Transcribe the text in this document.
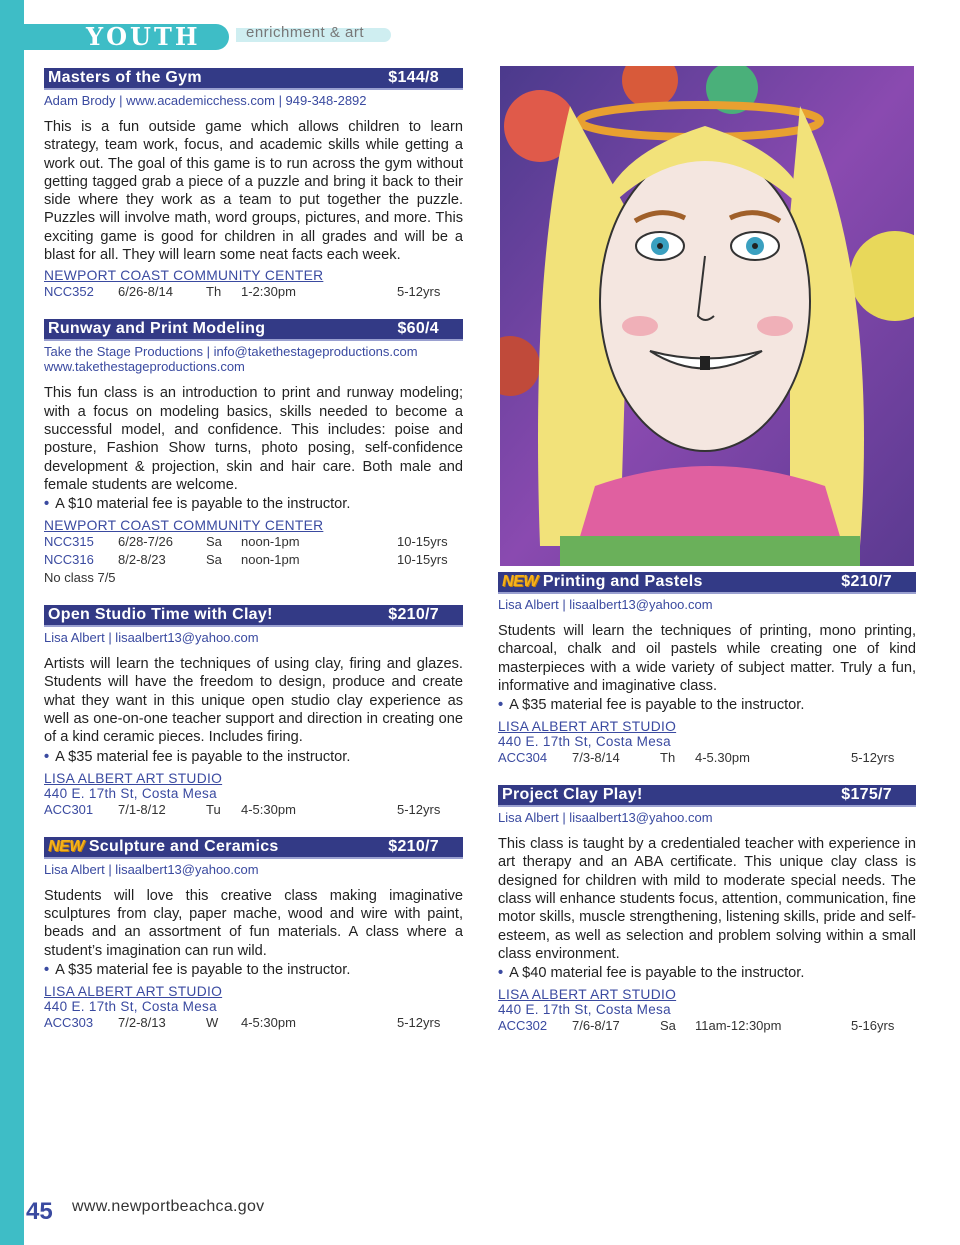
YOUTH	enrichment & art
Masters of the Gym	$144/8
Adam Brody | www.academicchess.com | 949-348-2892
This is a fun outside game which allows children to learn strategy, team work, focus, and academic skills while getting a work out. The goal of this game is to run across the gym without getting tagged grab a piece of a puzzle and bring it back to their side where they work as a team to put together the puzzle. Puzzles will involve math, word groups, pictures, and more. This exciting game is good for children in all grades and will be a blast for all. They will learn some neat facts each week.
NEWPORT COAST COMMUNITY CENTER
NCC352	6/26-8/14	Th	1-2:30pm	5-12yrs
Runway and Print Modeling	$60/4
Take the Stage Productions | info@takethestageproductions.com
www.takethestageproductions.com
This fun class is an introduction to print and runway modeling; with a focus on modeling basics, skills needed to become a successful model, and confidence. This includes: poise and posture, Fashion Show turns, photo posing, self-confidence development & projection, skin and hair care. Both male and female students are welcome.
• A $10 material fee is payable to the instructor.
NEWPORT COAST COMMUNITY CENTER
NCC315	6/28-7/26	Sa	noon-1pm	10-15yrs
NCC316	8/2-8/23	Sa	noon-1pm	10-15yrs
No class 7/5
Open Studio Time with Clay!	$210/7
Lisa Albert | lisaalbert13@yahoo.com
Artists will learn the techniques of using clay, firing and glazes. Students will have the freedom to design, produce and create what they want in this unique open studio clay experience as well as one-on-one teacher support and direction in creating one of a kind ceramic pieces. Includes firing.
• A $35 material fee is payable to the instructor.
LISA ALBERT ART STUDIO
440 E. 17th St, Costa Mesa
ACC301	7/1-8/12	Tu	4-5:30pm	5-12yrs
NEW Sculpture and Ceramics	$210/7
Lisa Albert | lisaalbert13@yahoo.com
Students will love this creative class making imaginative sculptures from clay, paper mache, wood and wire with paint, beads and an assortment of fun materials. A class where a student’s imagination can run wild.
• A $35 material fee is payable to the instructor.
LISA ALBERT ART STUDIO
440 E. 17th St, Costa Mesa
ACC303	7/2-8/13	W	4-5:30pm	5-12yrs
NEW Printing and Pastels	$210/7
Lisa Albert | lisaalbert13@yahoo.com
Students will learn the techniques of printing, mono printing, charcoal, chalk and oil pastels while creating one of kind masterpieces with a wide variety of subject matter. Truly a fun, informative and imaginative class.
• A $35 material fee is payable to the instructor.
LISA ALBERT ART STUDIO
440 E. 17th St, Costa Mesa
ACC304	7/3-8/14	Th	4-5.30pm	5-12yrs
Project Clay Play!	$175/7
Lisa Albert | lisaalbert13@yahoo.com
This class is taught by a credentialed teacher with experience in art therapy and an ABA certificate. This unique clay class is designed for children with mild to moderate special needs. The class will enhance students focus, attention, communication, fine motor skills, muscle strengthening, listening skills, pride and self-esteem, as well as selection and problem solving within a small class environment.
• A $40 material fee is payable to the instructor.
LISA ALBERT ART STUDIO
440 E. 17th St, Costa Mesa
ACC302	7/6-8/17	Sa	11am-12:30pm	5-16yrs
45 www.newportbeachca.gov
